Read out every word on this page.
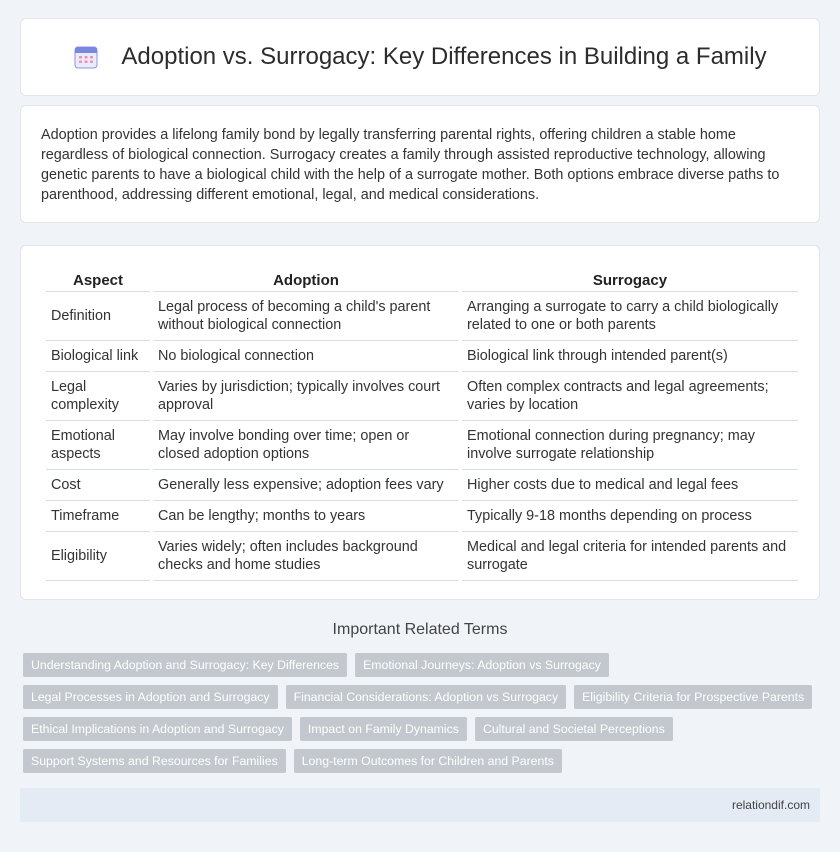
Adoption vs. Surrogacy: Key Differences in Building a Family

Adoption provides a lifelong family bond by legally transferring parental rights, offering children a stable home regardless of biological connection. Surrogacy creates a family through assisted reproductive technology, allowing genetic parents to have a biological child with the help of a surrogate mother. Both options embrace diverse paths to parenthood, addressing different emotional, legal, and medical considerations.

Aspect	Adoption	Surrogacy
Definition	Legal process of becoming a child's parent without biological connection	Arranging a surrogate to carry a child biologically related to one or both parents
Biological link	No biological connection	Biological link through intended parent(s)
Legal complexity	Varies by jurisdiction; typically involves court approval	Often complex contracts and legal agreements; varies by location
Emotional aspects	May involve bonding over time; open or closed adoption options	Emotional connection during pregnancy; may involve surrogate relationship
Cost	Generally less expensive; adoption fees vary	Higher costs due to medical and legal fees
Timeframe	Can be lengthy; months to years	Typically 9-18 months depending on process
Eligibility	Varies widely; often includes background checks and home studies	Medical and legal criteria for intended parents and surrogate
Important Related Terms
Understanding Adoption and Surrogacy: Key Differences	Emotional Journeys: Adoption vs Surrogacy
Legal Processes in Adoption and Surrogacy	Financial Considerations: Adoption vs Surrogacy	Eligibility Criteria for Prospective Parents
Ethical Implications in Adoption and Surrogacy	Impact on Family Dynamics	Cultural and Societal Perceptions
Support Systems and Resources for Families	Long-term Outcomes for Children and Parents
relationdif.com
